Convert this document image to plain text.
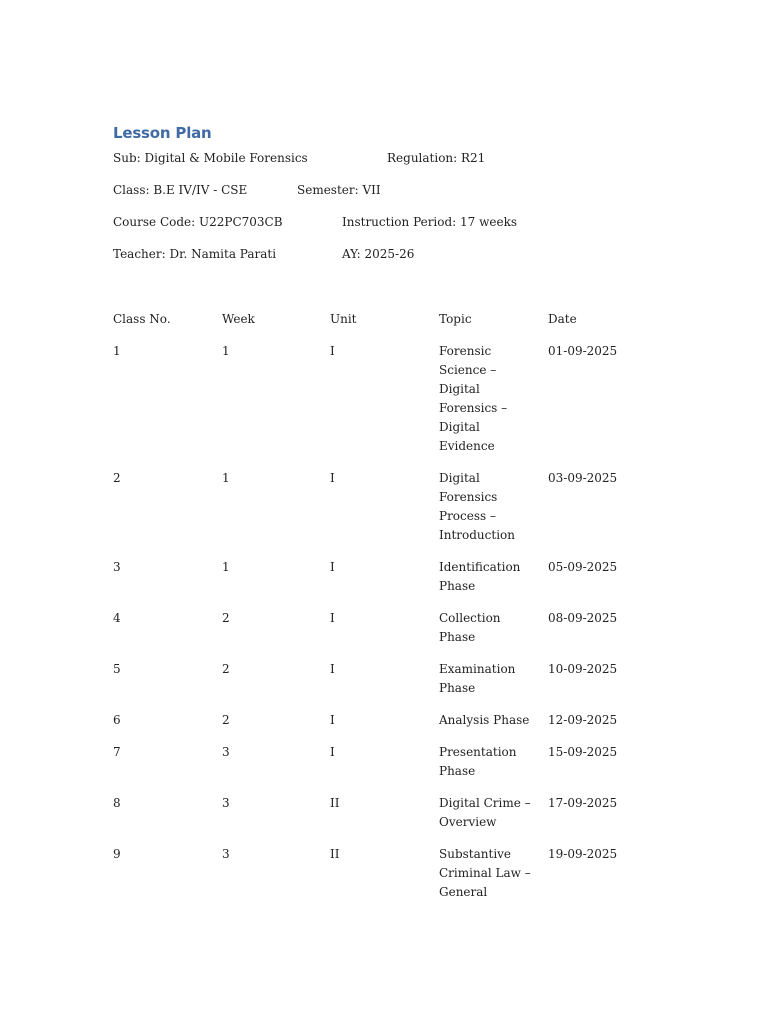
Lesson Plan
Sub: Digital & Mobile Forensics	Regulation: R21
Class: B.E IV/IV - CSE	Semester: VII
Course Code: U22PC703CB	Instruction Period: 17 weeks
Teacher: Dr. Namita Parati	AY: 2025-26
Class No.	Week	Unit	Topic	Date
1	1	I	Forensic
Science –
Digital
Forensics –
Digital
Evidence
01-09-2025
2	1	I	Digital
Forensics
Process –
Introduction
03-09-2025
3	1	I	Identification
Phase
05-09-2025
4	2	I	Collection
Phase
08-09-2025
5	2	I	Examination
Phase
10-09-2025
6	2	I	Analysis Phase	12-09-2025
7	3	I	Presentation
Phase
15-09-2025
8	3	II	Digital Crime –
Overview
17-09-2025
9	3	II	Substantive
Criminal Law –
General
19-09-2025
